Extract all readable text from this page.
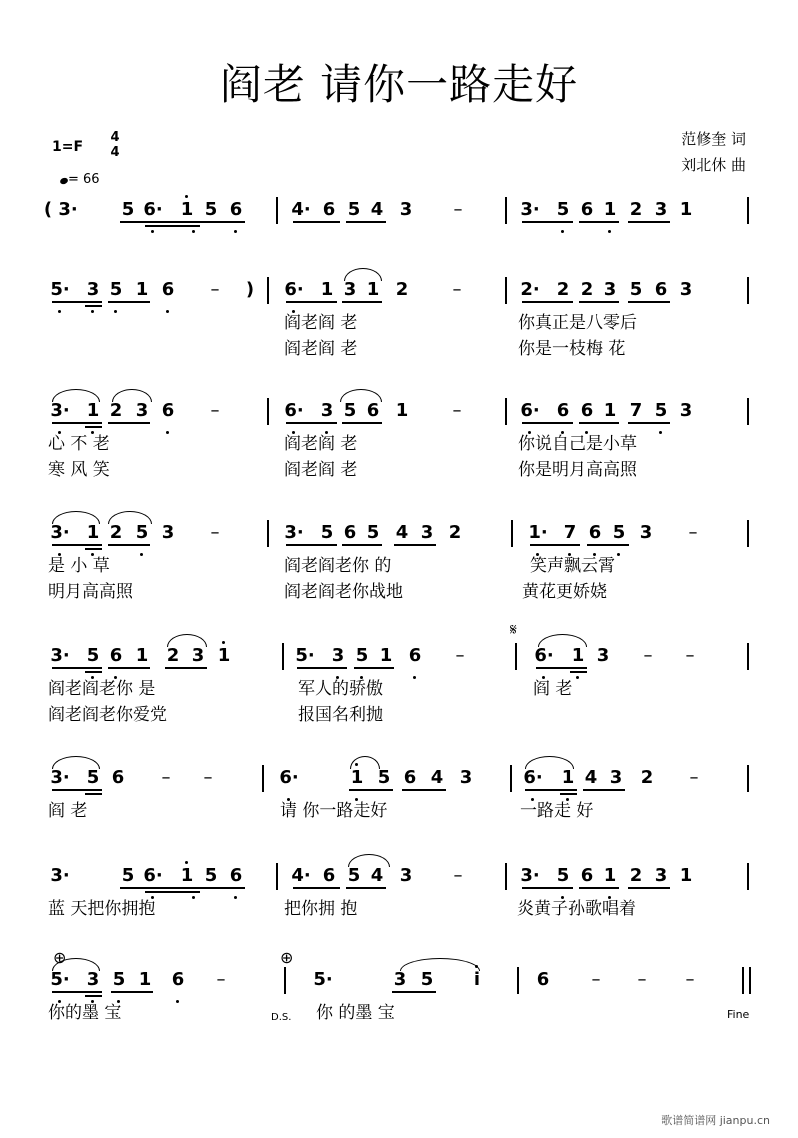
阎老 请你一路走好
1=F
4
4
= 66
范修奎 词
刘北休 曲
( 3· 5 6· 1 5 6	4· 6 5 4 3 –	3· 5 6 1 2 3 1
5· 3 5 1 6 – ) 6· 1 3 1 2 –	2· 2 2 3 5 6 3
3· 1 2 3 6 –	6· 3 5 6 1 –	6· 6 6 1 7 5 3
3· 1 2 5 3 –	3· 5 6 5 4 3 2	1· 7 6 5 3 –
3· 5 6 1 2 3 1	5· 3 5 1 6 –	6· 1 3 – –
3· 5 6 – –	6·	1 5 6 4 3	6· 1 4 3 2 –
3·	5 6· 1 5 6	4· 6 5 4 3 –	3· 5 6 1 2 3 1
5· 3 5 1 6 –	5·	3 5 i	6 – – –
阎老阎 老	你真正是八零后
阎老阎 老	你是一枝梅 花
心 不 老	阎老阎 老	你说自己是小草
寒 风 笑	阎老阎 老	你是明月高高照
是 小 草	阎老阎老你 的	笑声飘云霄
明月高高照	阎老阎老你战地	黄花更娇娆
阎老阎老你 是	军人的骄傲	阎 老
阎老阎老你爱党	报国名利抛
阎 老	请 你一路走好	一路走 好
蓝 天把你拥抱	把你拥 抱	炎黄子孙歌唱着
你的墨 宝	你 的墨 宝
𝄋
⊕	⊕
D.S.	Fine
歌谱简谱网 jianpu.cn
